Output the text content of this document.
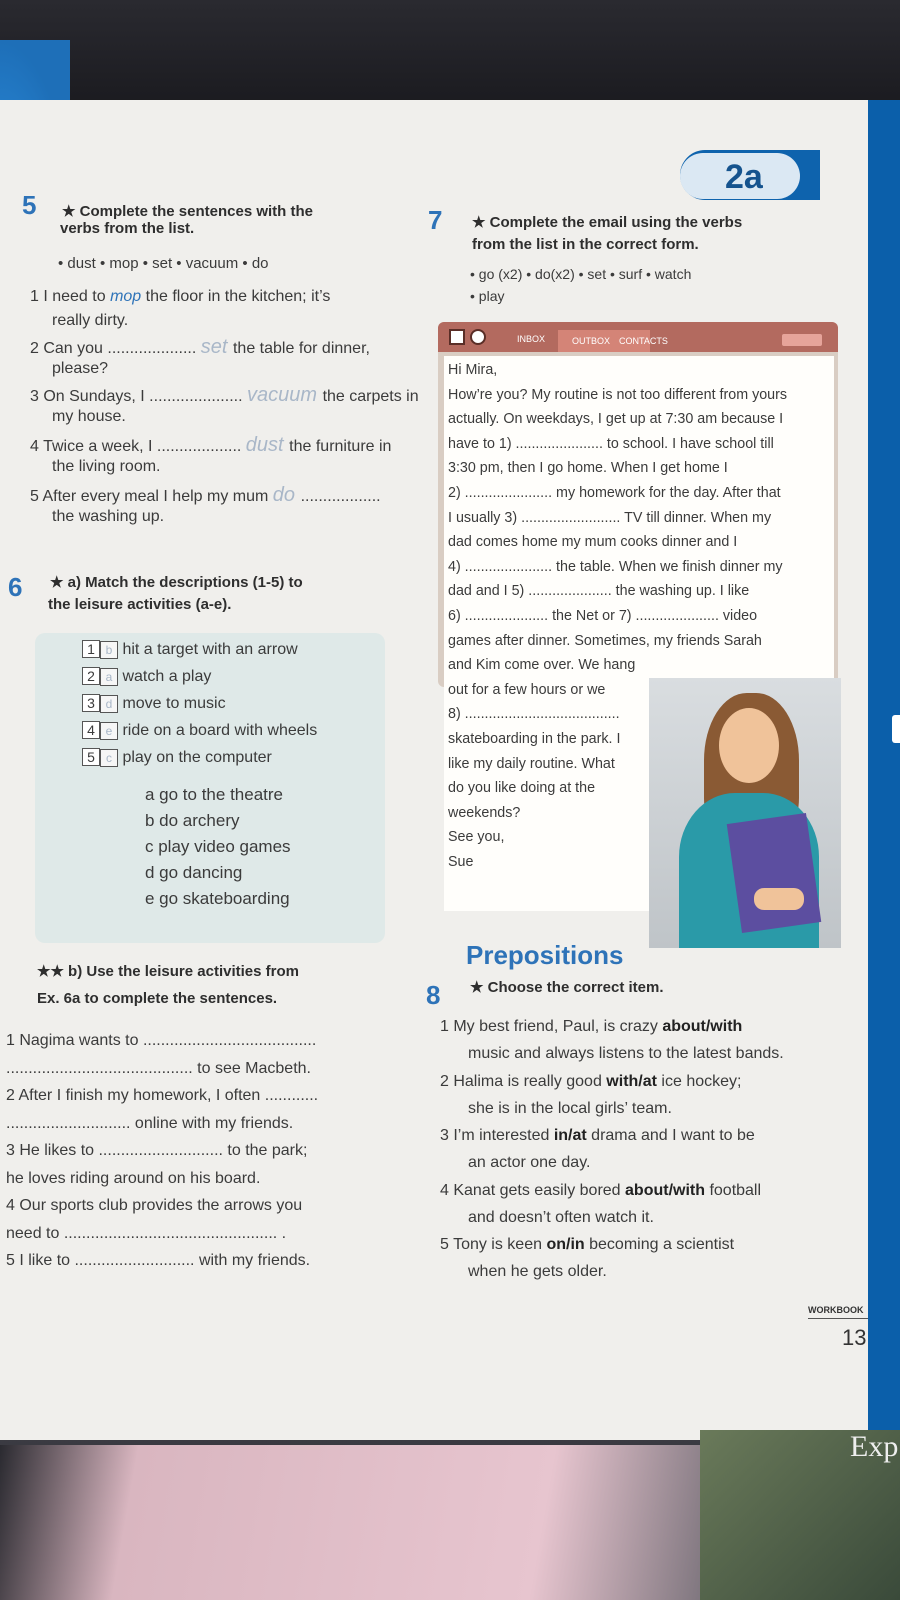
Exp
2a
5 ★ Complete the sentences with the
verbs from the list.
• dust • mop • set • vacuum • do
1 I need to mop the floor in the kitchen; it’s
really dirty.
2 Can you .................... set the table for dinner,
please?
3 On Sundays, I ..................... vacuum the carpets in
my house.
4 Twice a week, I ................... dust the furniture in
the living room.
5 After every meal I help my mum do ..................
the washing up.
6 ★ a) Match the descriptions (1-5) to
the leisure activities (a-e).
1 b hit a target with an arrow
2 a watch a play
3 d move to music
4 e ride on a board with wheels
5 c play on the computer
a go to the theatre
b do archery
c play video games
d go dancing
e go skateboarding
★★ b) Use the leisure activities from
Ex. 6a to complete the sentences.
1 Nagima wants to .......................................
.......................................... to see Macbeth.
2 After I finish my homework, I often ............
............................ online with my friends.
3 He likes to ............................ to the park;
he loves riding around on his board.
4 Our sports club provides the arrows you
need to ................................................ .
5 I like to ........................... with my friends.
7 ★ Complete the email using the verbs
from the list in the correct form.
• go (x2) • do(x2) • set • surf • watch
• play
INBOX	OUTBOX CONTACTS
Hi Mira,
How’re you? My routine is not too different from yours
actually. On weekdays, I get up at 7:30 am because I
have to 1) ...................... to school. I have school till
3:30 pm, then I go home. When I get home I
2) ...................... my homework for the day. After that
I usually 3) ......................... TV till dinner. When my
dad comes home my mum cooks dinner and I
4) ...................... the table. When we finish dinner my
dad and I 5) ..................... the washing up. I like
6) ..................... the Net or 7) ..................... video
games after dinner. Sometimes, my friends Sarah
and Kim come over. We hang
out for a few hours or we
8) .......................................
skateboarding in the park. I
like my daily routine. What
do you like doing at the
weekends?
See you,
Sue
Prepositions
8 ★ Choose the correct item.
1 My best friend, Paul, is crazy about/with
music and always listens to the latest bands.
2 Halima is really good with/at ice hockey;
she is in the local girls’ team.
3 I’m interested in/at drama and I want to be
an actor one day.
4 Kanat gets easily bored about/with football
and doesn’t often watch it.
5 Tony is keen on/in becoming a scientist
when he gets older.
WORKBOOK
13
